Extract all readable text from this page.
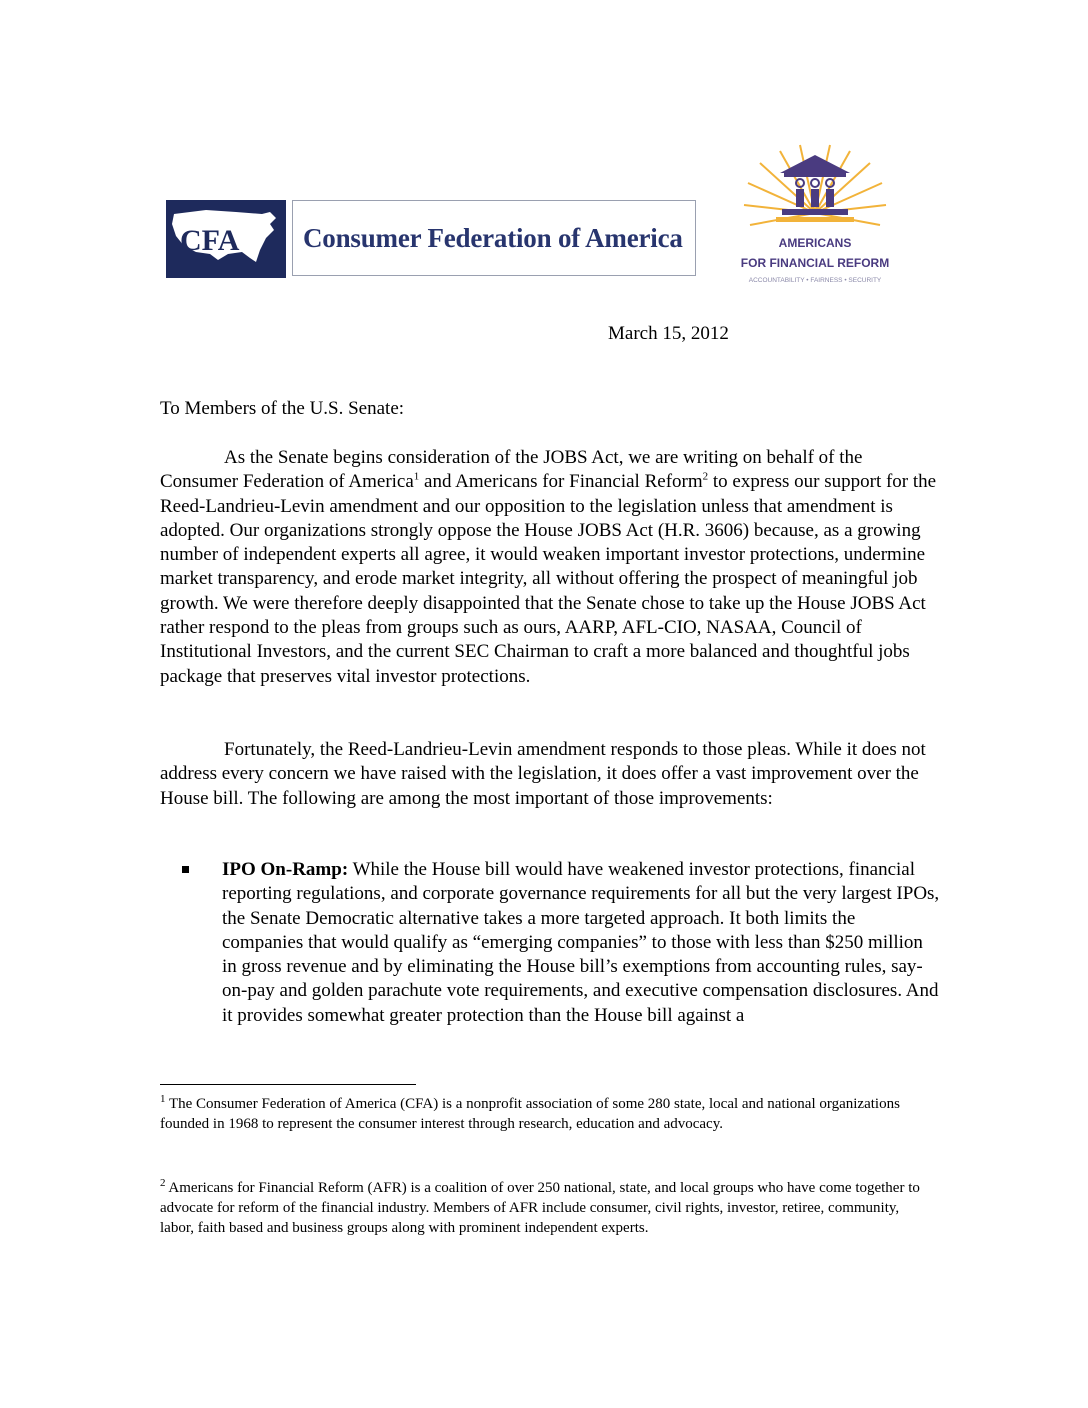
CFA Consumer Federation of America	AMERICANS
FOR FINANCIAL REFORM
ACCOUNTABILITY • FAIRNESS • SECURITY
March 15, 2012
To Members of the U.S. Senate:
As the Senate begins consideration of the JOBS Act, we are writing on behalf of the Consumer Federation of America$^1$ and Americans for Financial Reform$^2$ to express our support for the Reed-Landrieu-Levin amendment and our opposition to the legislation unless that amendment is adopted. Our organizations strongly oppose the House JOBS Act (H.R. 3606) because, as a growing number of independent experts all agree, it would weaken important investor protections, undermine market transparency, and erode market integrity, all without offering the prospect of meaningful job growth. We were therefore deeply disappointed that the Senate chose to take up the House JOBS Act rather respond to the pleas from groups such as ours, AARP, AFL-CIO, NASAA, Council of Institutional Investors, and the current SEC Chairman to craft a more balanced and thoughtful jobs package that preserves vital investor protections.
Fortunately, the Reed-Landrieu-Levin amendment responds to those pleas. While it does not address every concern we have raised with the legislation, it does offer a vast improvement over the House bill. The following are among the most important of those improvements:
IPO On-Ramp: While the House bill would have weakened investor protections, financial reporting regulations, and corporate governance requirements for all but the very largest IPOs, the Senate Democratic alternative takes a more targeted approach. It both limits the companies that would qualify as “emerging companies” to those with less than $250 million in gross revenue and by eliminating the House bill’s exemptions from accounting rules, say-on-pay and golden parachute vote requirements, and executive compensation disclosures. And it provides somewhat greater protection than the House bill against a
$^1$ The Consumer Federation of America (CFA) is a nonprofit association of some 280 state, local and national organizations founded in 1968 to represent the consumer interest through research, education and advocacy.
$^2$ Americans for Financial Reform (AFR) is a coalition of over 250 national, state, and local groups who have come together to advocate for reform of the financial industry. Members of AFR include consumer, civil rights, investor, retiree, community, labor, faith based and business groups along with prominent independent experts.
